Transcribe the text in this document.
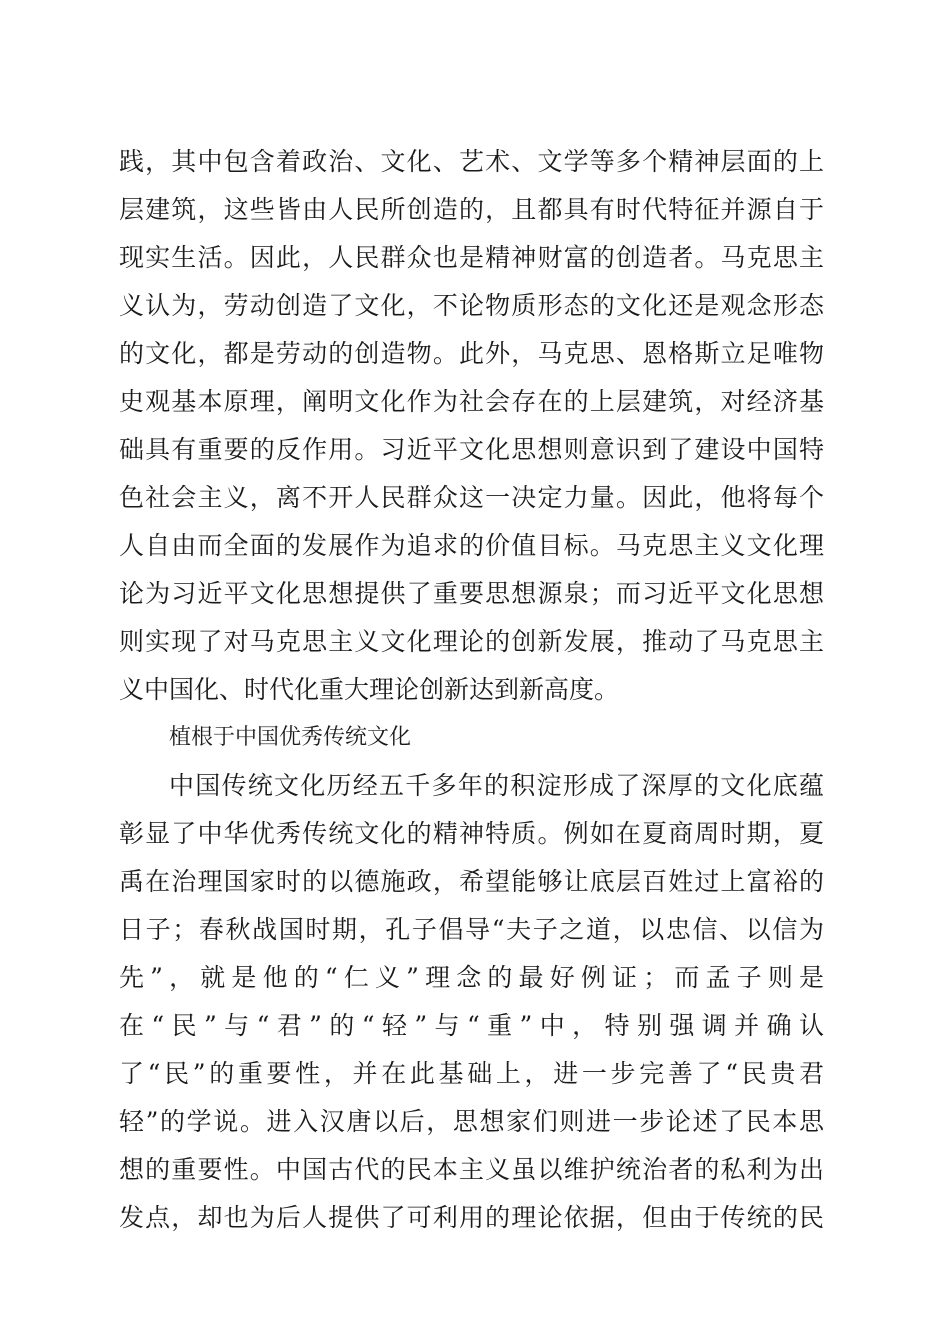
践，其中包含着政治、文化、艺术、文学等多个精神层面的上
层建筑，这些皆由人民所创造的，且都具有时代特征并源自于
现实生活。因此，人民群众也是精神财富的创造者。马克思主
义认为，劳动创造了文化，不论物质形态的文化还是观念形态
的文化，都是劳动的创造物。此外，马克思、恩格斯立足唯物
史观基本原理，阐明文化作为社会存在的上层建筑，对经济基
础具有重要的反作用。习近平文化思想则意识到了建设中国特
色社会主义，离不开人民群众这一决定力量。因此，他将每个
人自由而全面的发展作为追求的价值目标。马克思主义文化理
论为习近平文化思想提供了重要思想源泉；而习近平文化思想
则实现了对马克思主义文化理论的创新发展，推动了马克思主
义中国化、时代化重大理论创新达到新高度。
植根于中国优秀传统文化
中国传统文化历经五千多年的积淀形成了深厚的文化底蕴
彰显了中华优秀传统文化的精神特质。例如在夏商周时期，夏
禹在治理国家时的以德施政，希望能够让底层百姓过上富裕的
日子；春秋战国时期，孔子倡导“夫子之道，以忠信、以信为
先”，就是他的“仁义”理念的最好例证；而孟子则是
在“民”与“君”的“轻”与“重”中，特别强调并确认
了“民”的重要性，并在此基础上，进一步完善了“民贵君
轻”的学说。进入汉唐以后，思想家们则进一步论述了民本思
想的重要性。中国古代的民本主义虽以维护统治者的私利为出
发点，却也为后人提供了可利用的理论依据，但由于传统的民
